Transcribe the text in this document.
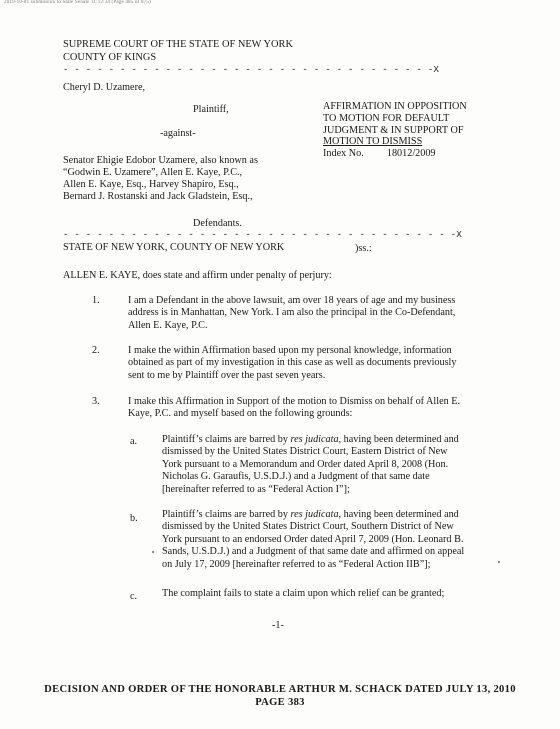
2010-10-01 submission to State Senate 11:12:34 (Page 485 of 875)
SUPREME COURT OF THE STATE OF NEW YORK
COUNTY OF KINGS
- - - - - - - - - - - - - - - - - - - - - - - - - - - - - - - - -X
Cheryl D. Uzamere,
Plaintiff,
-against-
Senator Ehigie Edobor Uzamere, also known as
“Godwin E. Uzamere”, Allen E. Kaye, P.C.,
Allen E. Kaye, Esq., Harvey Shapiro, Esq.,
Bernard J. Rostanski and Jack Gladstein, Esq.,
Defendants.
- - - - - - - - - - - - - - - - - - - - - - - - - - - - - - - - - - -X
STATE OF NEW YORK, COUNTY OF NEW YORK	)ss.:
AFFIRMATION IN OPPOSITION
TO MOTION FOR DEFAULT
JUDGMENT & IN SUPPORT OF
MOTION TO DISMISS
Index No. 18012/2009
ALLEN E. KAYE, does state and affirm under penalty of perjury:
1.	I am a Defendant in the above lawsuit, am over 18 years of age and my business
address is in Manhattan, New York. I am also the principal in the Co-Defendant,
Allen E. Kaye, P.C.
2.	I make the within Affirmation based upon my personal knowledge, information
obtained as part of my investigation in this case as well as documents previously
sent to me by Plaintiff over the past seven years.
3.	I make this Affirmation in Support of the motion to Dismiss on behalf of Allen E.
Kaye, P.C. and myself based on the following grounds:
a. Plaintiff’s claims are barred by res judicata, having been determined and
dismissed by the United States District Court, Eastern District of New
York pursuant to a Memorandum and Order dated April 8, 2008 (Hon.
Nicholas G. Garaufis, U.S.D.J.) and a Judgment of that same date
[hereinafter referred to as “Federal Action I”];
b. Plaintiff’s claims are barred by res judicata, having been determined and
dismissed by the United States District Court, Southern District of New
York pursuant to an endorsed Order dated April 7, 2009 (Hon. Leonard B.
Sands, U.S.D.J.) and a Judgment of that same date and affirmed on appeal
on July 17, 2009 [hereinafter referred to as “Federal Action IIB”];
c. The complaint fails to state a claim upon which relief can be granted;
-1-
DECISION AND ORDER OF THE HONORABLE ARTHUR M. SCHACK DATED JULY 13, 2010
PAGE 383
